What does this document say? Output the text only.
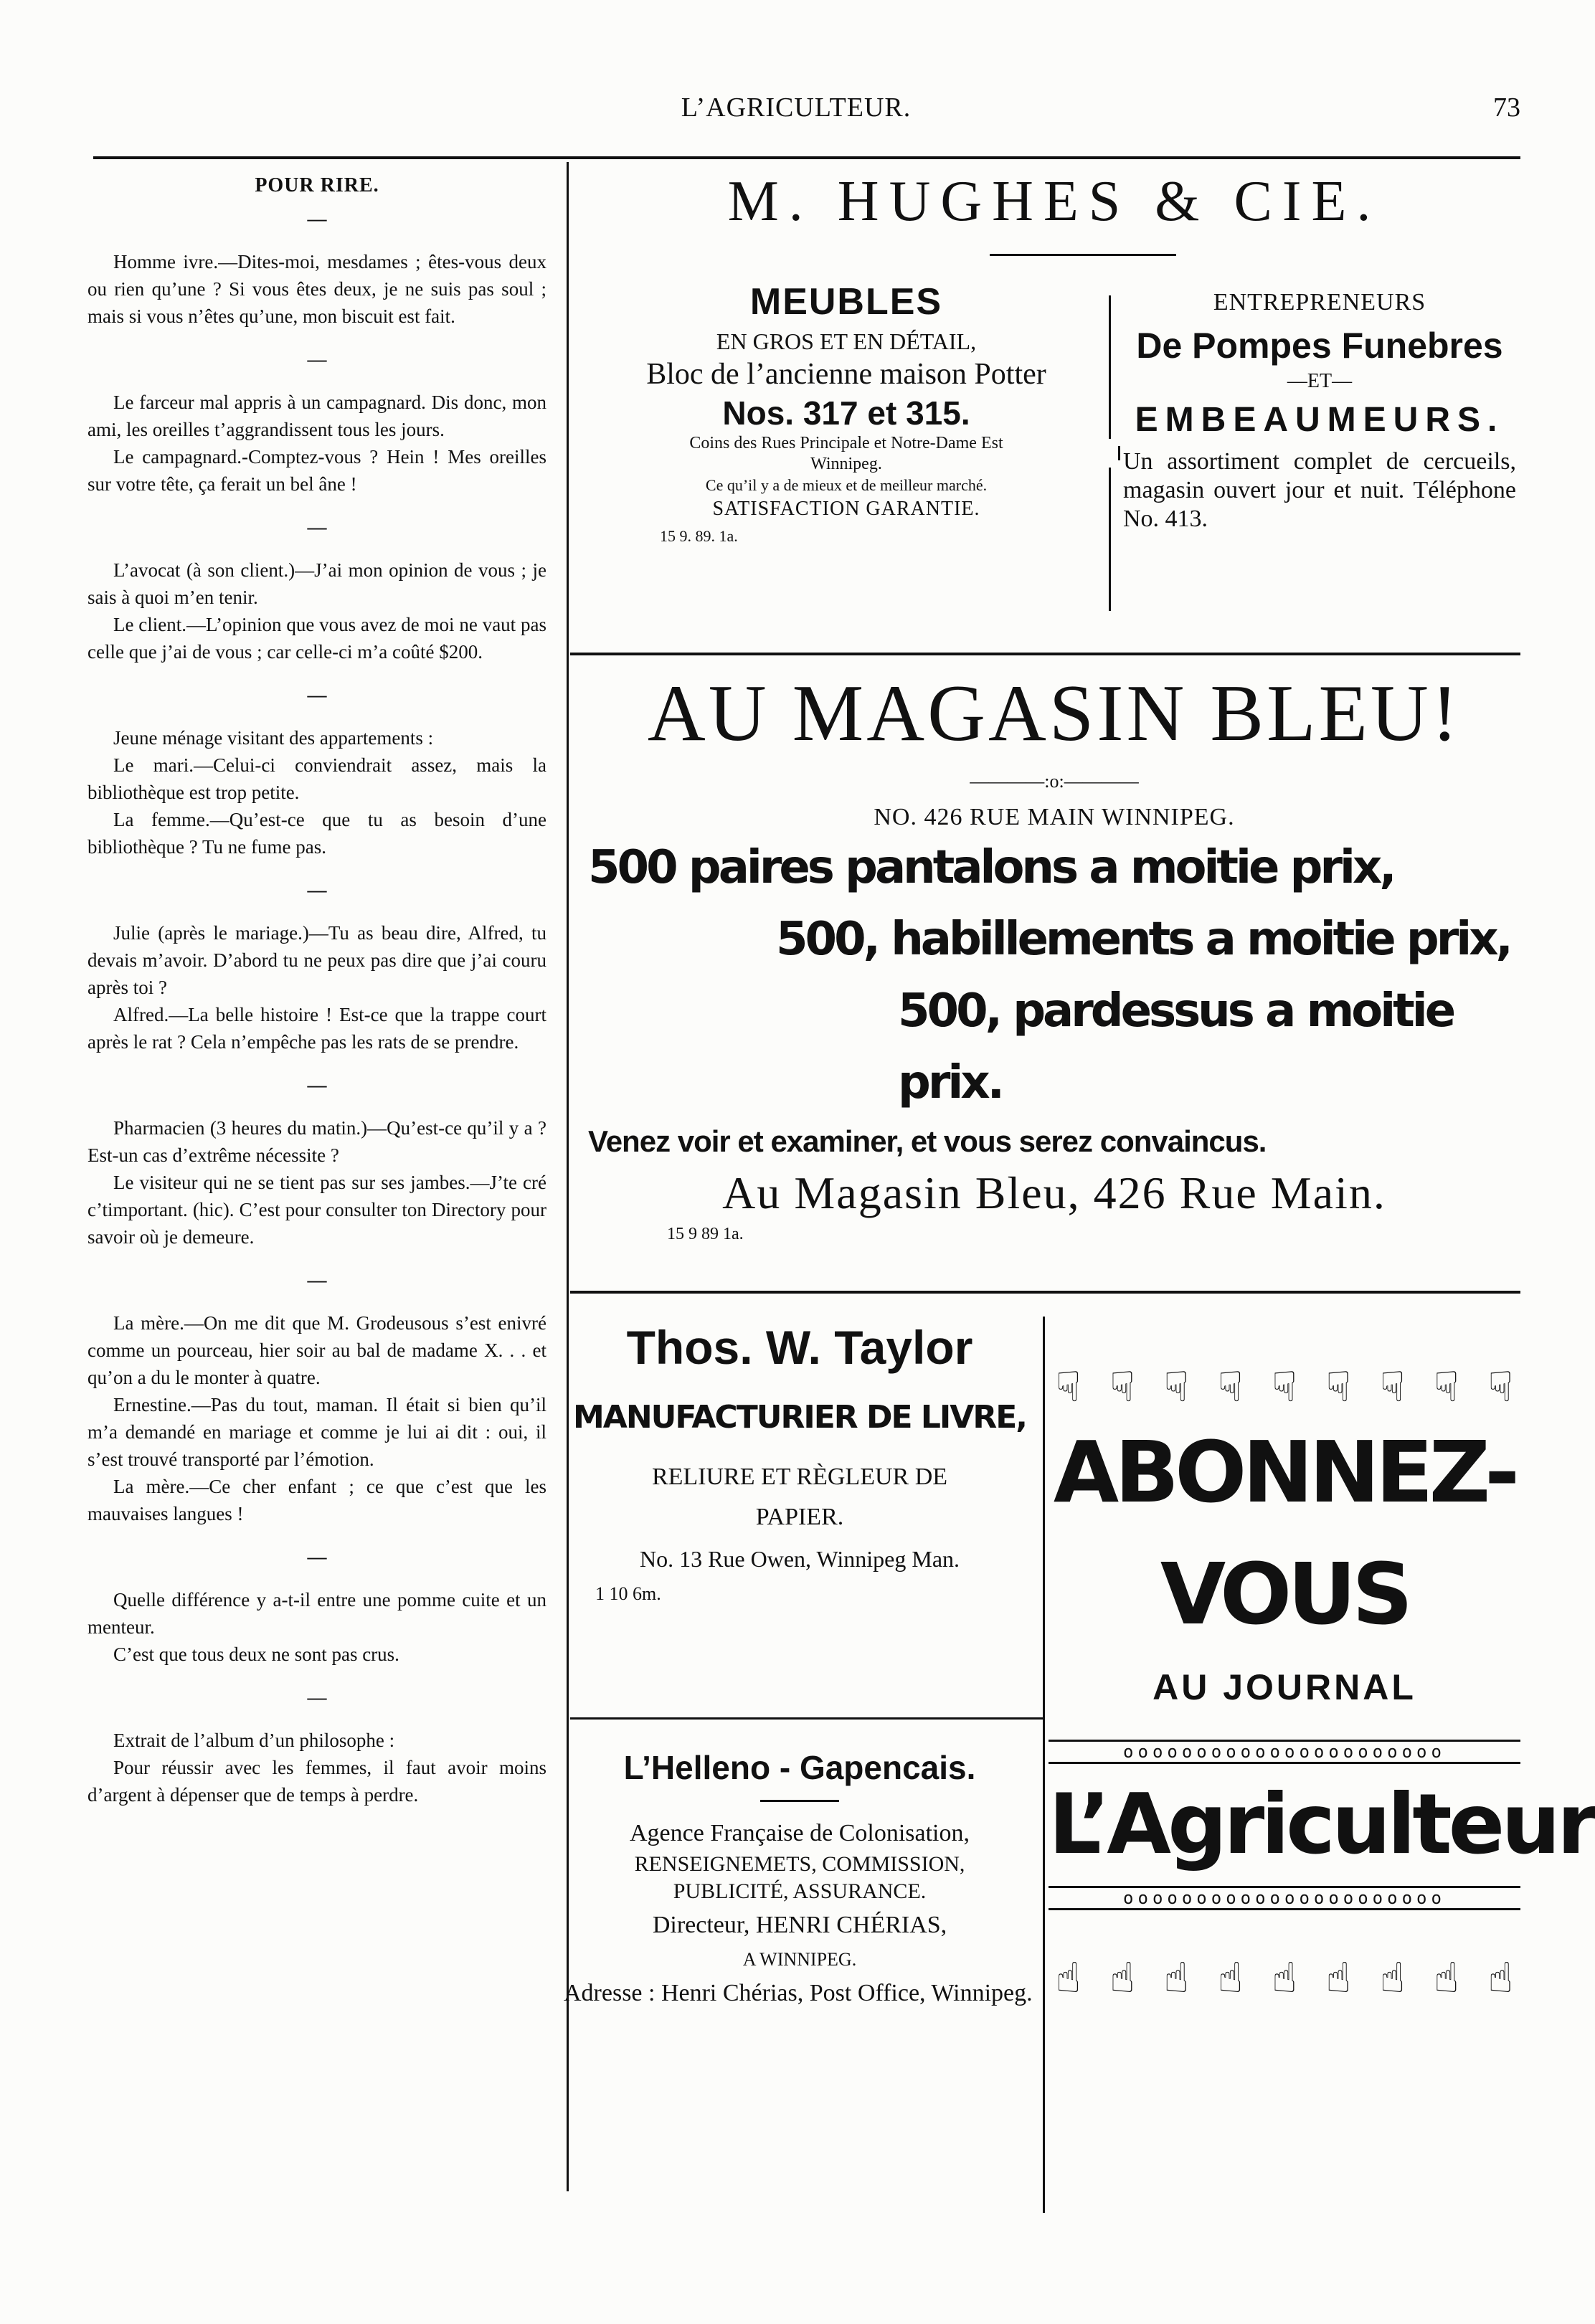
L’AGRICULTEUR.	73
POUR RIRE.
—

Homme ivre.—Dites-moi, mesdames ; êtes-vous deux ou rien qu’une ? Si vous êtes deux, je ne suis pas soul ; mais si vous n’êtes qu’une, mon biscuit est fait.

—

Le farceur mal appris à un campagnard. Dis donc, mon ami, les oreilles t’aggrandissent tous les jours.

Le campagnard.-Comptez-vous ? Hein ! Mes oreilles sur votre tête, ça ferait un bel âne !

—

L’avocat (à son client.)—J’ai mon opinion de vous ; je sais à quoi m’en tenir.

Le client.—L’opinion que vous avez de moi ne vaut pas celle que j’ai de vous ; car celle-ci m’a coûté $200.

—

Jeune ménage visitant des appartements :

Le mari.—Celui-ci conviendrait assez, mais la bibliothèque est trop petite.

La femme.—Qu’est-ce que tu as besoin d’une bibliothèque ? Tu ne fume pas.

—

Julie (après le mariage.)—Tu as beau dire, Alfred, tu devais m’avoir. D’abord tu ne peux pas dire que j’ai couru après toi ?

Alfred.—La belle histoire ! Est-ce que la trappe court après le rat ? Cela n’empêche pas les rats de se prendre.

—

Pharmacien (3 heures du matin.)—Qu’est-ce qu’il y a ? Est-un cas d’extrême nécessite ?

Le visiteur qui ne se tient pas sur ses jambes.—J’te cré c’timportant. (hic). C’est pour consulter ton Directory pour savoir où je demeure.

—

La mère.—On me dit que M. Grodeusous s’est enivré comme un pourceau, hier soir au bal de madame X. . . et qu’on a du le monter à quatre.

Ernestine.—Pas du tout, maman. Il était si bien qu’il m’a demandé en mariage et comme je lui ai dit : oui, il s’est trouvé transporté par l’émotion.

La mère.—Ce cher enfant ; ce que c’est que les mauvaises langues !

—

Quelle différence y a-t-il entre une pomme cuite et un menteur.

C’est que tous deux ne sont pas crus.

—

Extrait de l’album d’un philosophe :

Pour réussir avec les femmes, il faut avoir moins d’argent à dépenser que de temps à perdre.

M. HUGHES & CIE.
MEUBLES
EN GROS ET EN DÉTAIL,
Bloc de l’ancienne maison Potter
Nos. 317 et 315.
Coins des Rues Principale et Notre-Dame Est
Winnipeg.
Ce qu’il y a de mieux et de meilleur marché.
SATISFACTION GARANTIE.
15 9. 89. 1a.
ENTREPRENEURS
De Pompes Funebres
—ET—
EMBEAUMEURS.
Un assortiment complet de cercueils, magasin ouvert jour et nuit. Téléphone No. 413.
AU MAGASIN BLEU!
————:o:————
NO. 426 RUE MAIN WINNIPEG.
500 paires pantalons a moitie prix,
500, habillements a moitie prix,
500, pardessus a moitie prix.
Venez voir et examiner, et vous serez convaincus.
Au Magasin Bleu, 426 Rue Main.
15 9 89 1a.
Thos. W. Taylor
MANUFACTURIER DE LIVRE,
RELIURE ET RÈGLEUR DE
PAPIER.
No. 13 Rue Owen, Winnipeg Man.
1 10 6m.
L’Helleno - Gapencais.
Agence Française de Colonisation,
RENSEIGNEMETS, COMMISSION,
PUBLICITÉ, ASSURANCE.
Directeur, HENRI CHÉRIAS,
A WINNIPEG.
Adresse : Henri Chérias, Post Office, Winnipeg.
☟ ☟ ☟ ☟ ☟ ☟ ☟ ☟ ☟
ABONNEZ-VOUS
AU JOURNAL
oooooooooooooooooooooo
L’Agriculteur
oooooooooooooooooooooo
☝ ☝ ☝ ☝ ☝ ☝ ☝ ☝ ☝
